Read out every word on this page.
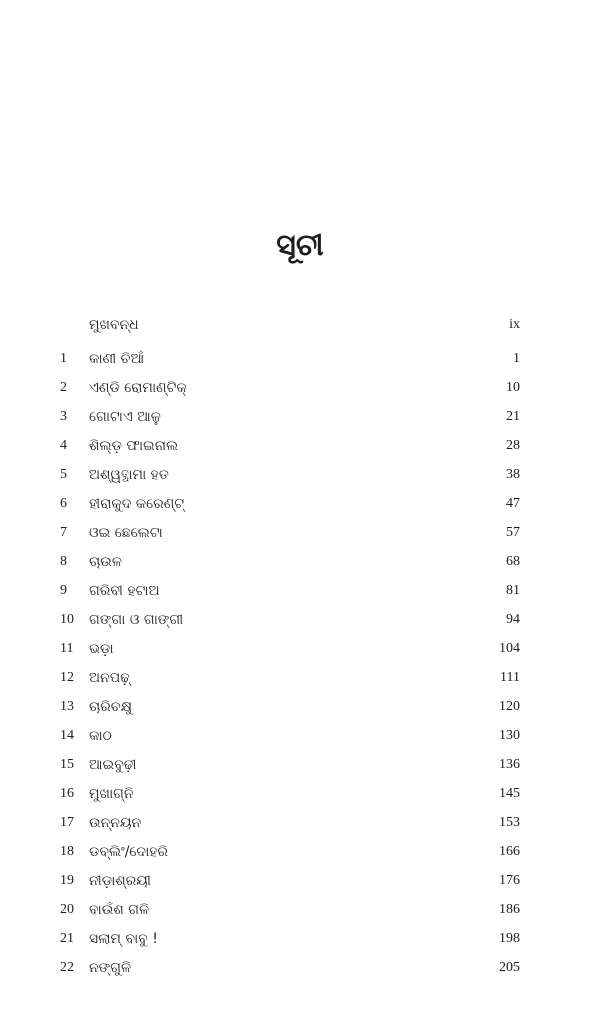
ସୂଚୀ
ମୁଖବନ୍ଧ	ix
1 କାଣୀ ଚିଆଁ	1
2 ଏଣ୍ଡି ରୋମାଣ୍ଟିକ୍	10
3 ଗୋଟାଏ ଆଳୁ	21
4 ଶିଲ୍ଡ଼ ଫାଇନାଲ	28
5 ଅଶ୍ୱତ୍ଥାମା ହତ	38
6 ହୀରାକୁଦ କରେଣ୍ଟ୍	47
7 ଓଇ ଛେଲେଟା	57
8 ଚାଉଳ	68
9 ଗରିବୀ ହଟାଅ	81
10 ଗଙ୍ଗା ଓ ଗାଙ୍ଗୀ	94
11 ଭଡ଼ା	104
12 ଅନପଢ଼୍	111
13 ଚାରିଚକ୍ଷୁ	120
14 କାଠ	130
15 ଆଇବୁଢ଼ୀ	136
16 ମୁଖାଗ୍ନି	145
17 ଉନ୍ନୟନ	153
18 ଡବ୍ଲିଂ/ଦୋହରି	166
19 ନୀଡ଼ାଶ୍ରୟୀ	176
20 ବାଉଁଶ ଗଳି	186
21 ସଲାମ୍ ବାବୁ !	198
22 ନଙ୍ଗୁଳି	205
